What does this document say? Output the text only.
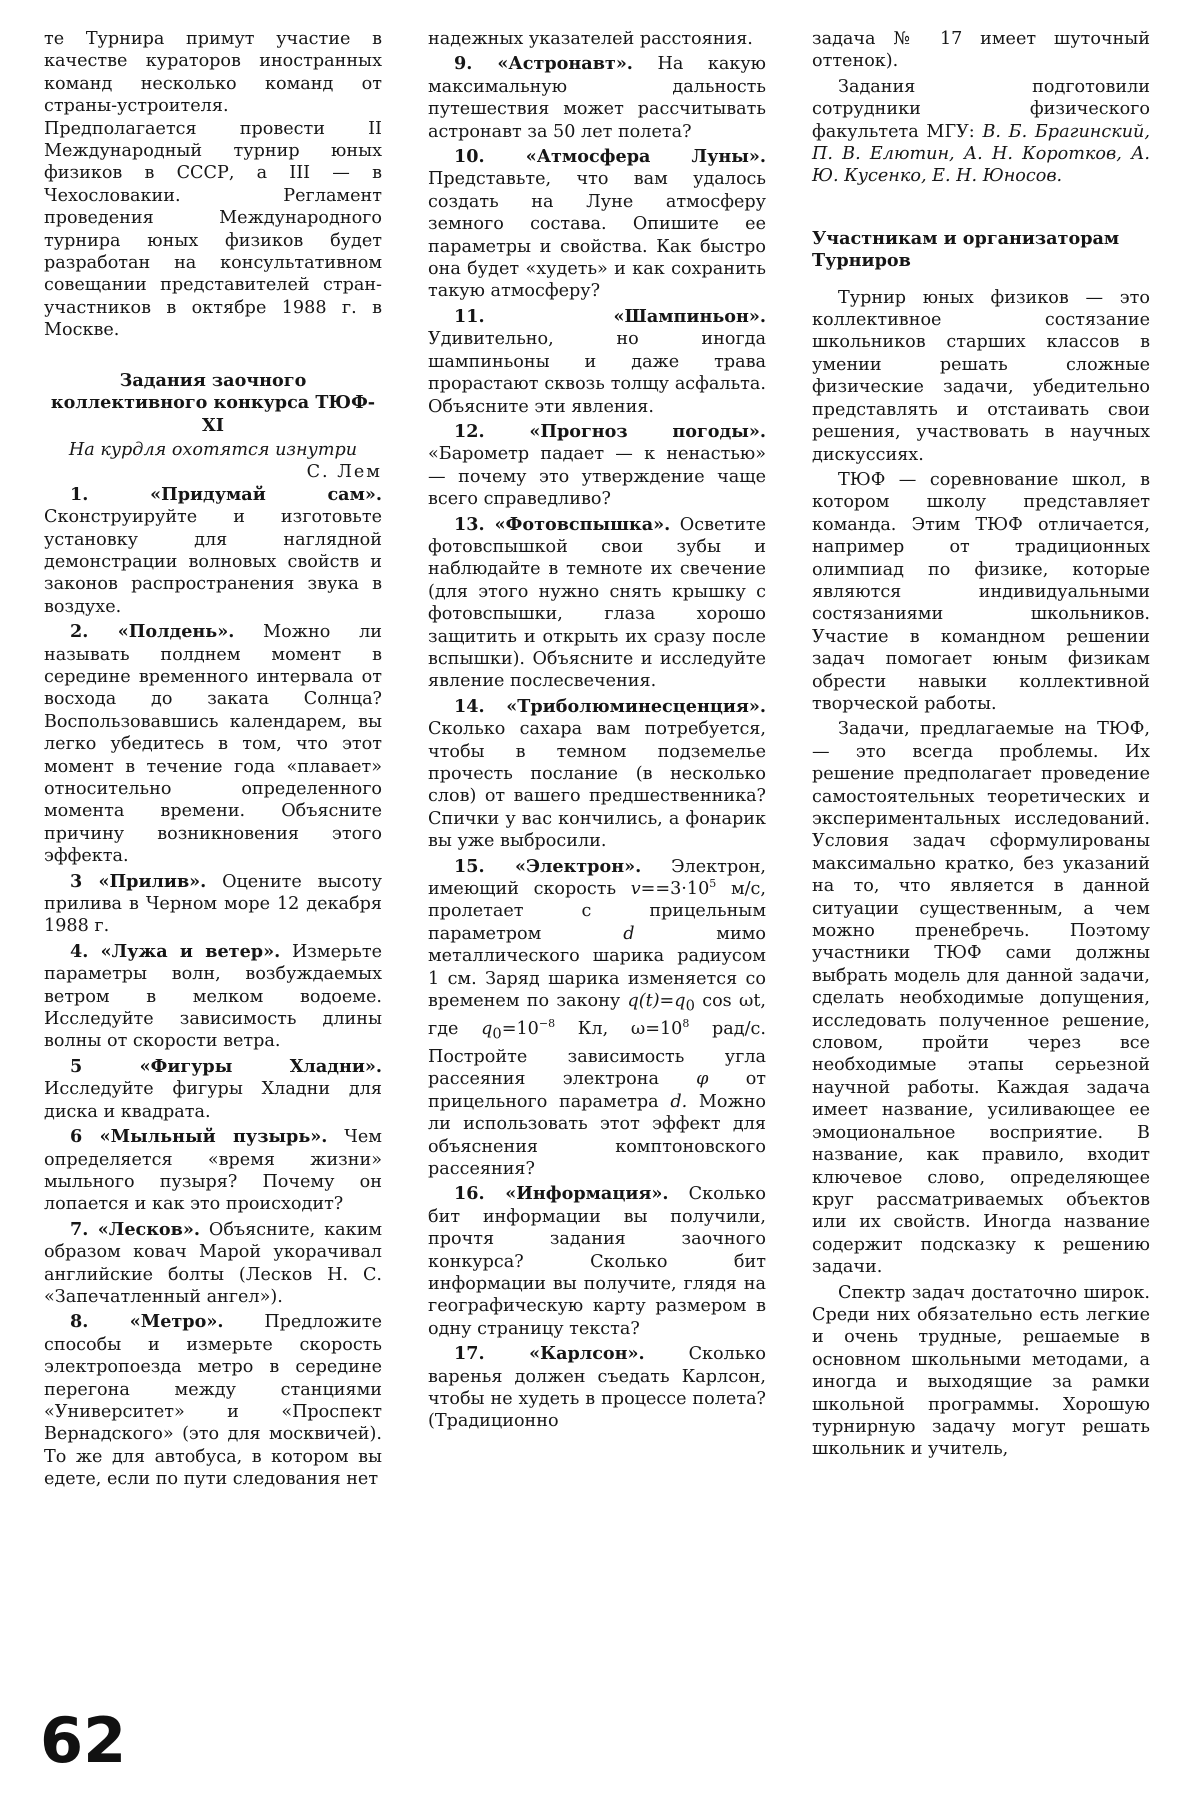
те Турнира примут участие в качестве кураторов иностранных команд несколько команд от страны-устроителя. Предполагается провести II Международный турнир юных физиков в СССР, а III — в Чехословакии. Регламент проведения Международного турнира юных физиков будет разработан на консультативном совещании представителей стран-участников в октябре 1988 г. в Москве.

Задания заочного коллективного конкурса ТЮФ-XI
На курдля охотятся изнутри
С. Лем

1. «Придумай сам». Сконструируйте и изготовьте установку для наглядной демонстрации волновых свойств и законов распространения звука в воздухе.

2. «Полдень». Можно ли называть полднем момент в середине временного интервала от восхода до заката Солнца? Воспользовавшись календарем, вы легко убедитесь в том, что этот момент в течение года «плавает» относительно определенного момента времени. Объясните причину возникновения этого эффекта.

3 «Прилив». Оцените высоту прилива в Черном море 12 декабря 1988 г.

4. «Лужа и ветер». Измерьте параметры волн, возбуждаемых ветром в мелком водоеме. Исследуйте зависимость длины волны от скорости ветра.

5 «Фигуры Хладни». Исследуйте фигуры Хладни для диска и квадрата.

6 «Мыльный пузырь». Чем определяется «время жизни» мыльного пузыря? Почему он лопается и как это происходит?

7. «Лесков». Объясните, каким образом ковач Марой укорачивал английские болты (Лесков Н. С. «Запечатленный ангел»).

8. «Метро». Предложите способы и измерьте скорость электропоезда метро в середине перегона между станциями «Университет» и «Проспект Вернадского» (это для москвичей). То же для автобуса, в котором вы едете, если по пути следования нет

надежных указателей расстояния.

9. «Астронавт». На какую максимальную дальность путешествия может рассчитывать астронавт за 50 лет полета?

10. «Атмосфера Луны». Представьте, что вам удалось создать на Луне атмосферу земного состава. Опишите ее параметры и свойства. Как быстро она будет «худеть» и как сохранить такую атмосферу?

11. «Шампиньон». Удивительно, но иногда шампиньоны и даже трава прорастают сквозь толщу асфальта. Объясните эти явления.

12. «Прогноз погоды». «Барометр падает — к ненастью» — почему это утверждение чаще всего справедливо?

13. «Фотовспышка». Осветите фотовспышкой свои зубы и наблюдайте в темноте их свечение (для этого нужно снять крышку с фотовспышки, глаза хорошо защитить и открыть их сразу после вспышки). Объясните и исследуйте явление послесвечения.

14. «Триболюминесценция». Сколько сахара вам потребуется, чтобы в темном подземелье прочесть послание (в несколько слов) от вашего предшественника? Спички у вас кончились, а фонарик вы уже выбросили.

15. «Электрон». Электрон, имеющий скорость $v==3\cdot 10^5$ м/с, пролетает с прицельным параметром	d	мимо металлического шарика радиусом 1 см. Заряд шарика изменяется со временем по закону $q(t)=q_0$ cos ωt, где $q_0=10^{-8}$ Кл, $\omega=10^8$ рад/с. Постройте зависимость угла рассеяния электрона φ от прицельного параметра d. Можно ли использовать этот эффект для объяснения комптоновского рассеяния?

16. «Информация». Сколько бит информации вы получили, прочтя задания заочного конкурса? Сколько бит информации вы получите, глядя на географическую карту размером в одну страницу текста?

17. «Карлсон». Сколько варенья должен съедать Карлсон, чтобы не худеть в процессе полета? (Традиционно

задача № 17 имеет шуточный оттенок).

Задания подготовили сотрудники физического факультета МГУ: В. Б. Брагинский, П. В. Елютин, А. Н. Коротков, А. Ю. Кусенко, Е. Н. Юносов.

Участникам и организаторам Турниров

Турнир юных физиков — это коллективное состязание школьников старших классов в умении решать сложные физические задачи, убедительно представлять и отстаивать свои решения, участвовать в научных дискуссиях.

ТЮФ — соревнование школ, в котором школу представляет команда. Этим ТЮФ отличается, например от традиционных олимпиад по физике, которые являются индивидуальными состязаниями школьников. Участие в командном решении задач помогает юным физикам обрести навыки коллективной творческой работы.

Задачи, предлагаемые на ТЮФ,— это всегда проблемы. Их решение предполагает проведение самостоятельных теоретических и экспериментальных исследований. Условия задач сформулированы максимально кратко, без указаний на то, что является в данной ситуации существенным, а чем можно пренебречь. Поэтому участники ТЮФ сами должны выбрать модель для данной задачи, сделать необходимые допущения, исследовать полученное решение, словом, пройти через все необходимые этапы серьезной научной работы. Каждая задача имеет название, усиливающее ее эмоциональное восприятие. В название, как правило, входит ключевое слово, определяющее круг рассматриваемых объектов или их свойств. Иногда название содержит подсказку к решению задачи.

Спектр задач достаточно широк. Среди них обязательно есть легкие и очень трудные, решаемые в основном школьными методами, а иногда и выходящие за рамки школьной программы. Хорошую турнирную задачу могут решать школьник и учитель,

62
